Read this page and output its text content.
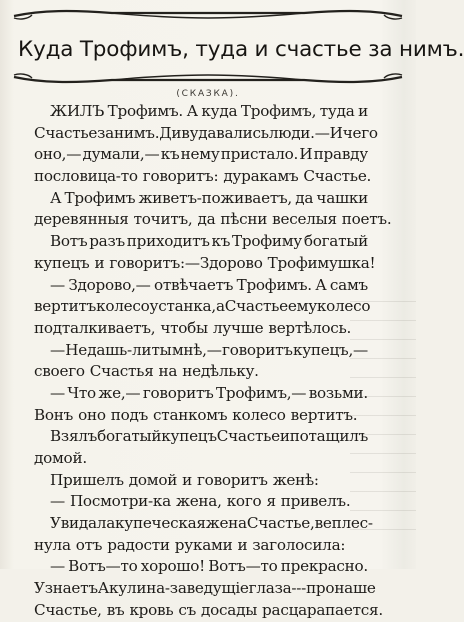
Куда Трофимъ, туда и счастье за нимъ.
(СКАЗКА).
ЖИЛЪ Трофимъ. А куда Трофимъ, туда и
Счастье за нимъ. Диву давались люди.—И чего
оно,— думали,— къ нему пристало. И правду
пословица-то говоритъ: дуракамъ Счастье.
А Трофимъ живетъ-поживаетъ, да чашки
деревянныя точитъ, да пѣсни веселыя поетъ.
Вотъ разъ приходитъ къ Трофиму богатый
купецъ и говоритъ:—Здорово Трофимушка!
— Здорово,— отвѣчаетъ Трофимъ. А самъ
вертитъ колесо у станка, а Счастье ему колесо
подталкиваетъ, чтобы лучше вертѣлось.
— Не дашь-ли ты мнѣ,— говоритъ купецъ,—
своего Счастья на недѣльку.
— Что же,— говоритъ Трофимъ,— возьми.
Вонъ оно подъ станкомъ колесо вертитъ.
Взялъ богатый купецъ Счастье и потащилъ
домой.
Пришелъ домой и говоритъ женѣ:
— Посмотри-ка жена, кого я привелъ.
Увидала купеческая жена Счастье, веплес-
нула отъ радости руками и заголосила:
— Вотъ—то хорошо! Вотъ—то прекрасно.
Узнаетъ Акулина - заведущіе глаза---про наше
Счастье, въ кровь съ досады расцарапается.
